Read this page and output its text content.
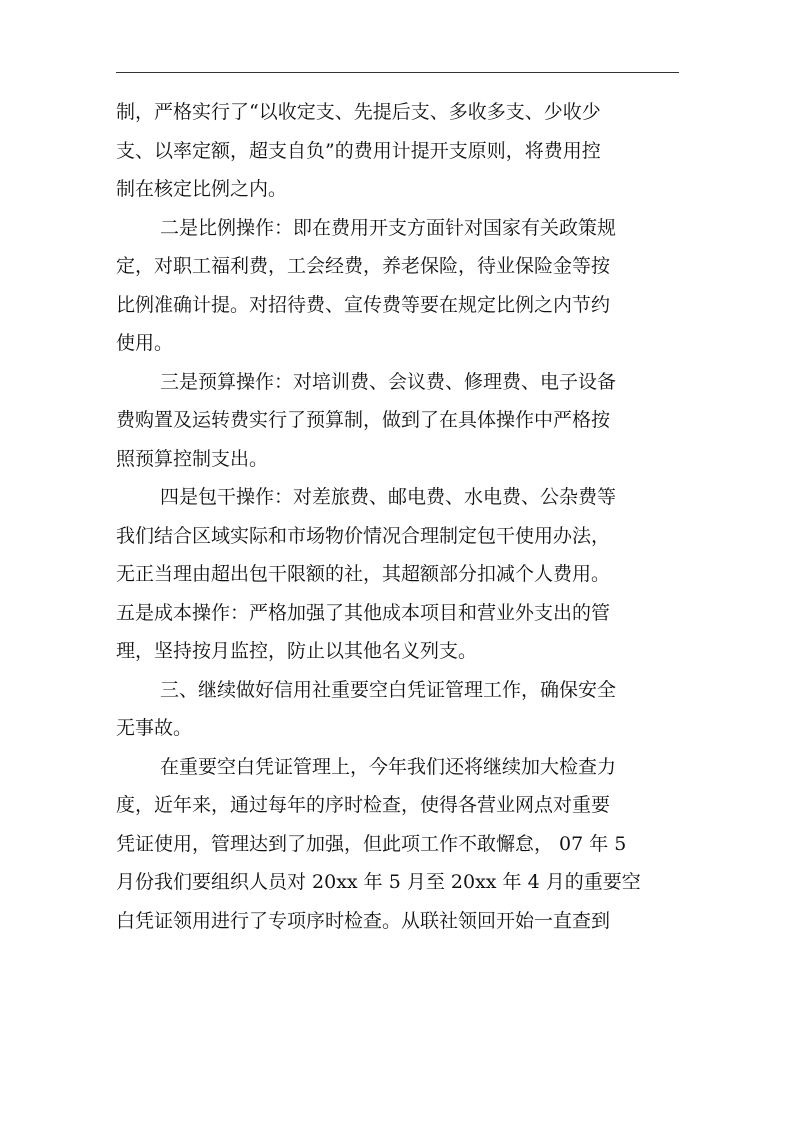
制，严格实行了“以收定支、先提后支、多收多支、少收少
支、以率定额，超支自负”的费用计提开支原则，将费用控
制在核定比例之内。
二是比例操作：即在费用开支方面针对国家有关政策规
定，对职工福利费，工会经费，养老保险，待业保险金等按
比例准确计提。对招待费、宣传费等要在规定比例之内节约
使用。
三是预算操作：对培训费、会议费、修理费、电子设备
费购置及运转费实行了预算制，做到了在具体操作中严格按
照预算控制支出。
四是包干操作：对差旅费、邮电费、水电费、公杂费等
我们结合区域实际和市场物价情况合理制定包干使用办法，
无正当理由超出包干限额的社，其超额部分扣减个人费用。
五是成本操作：严格加强了其他成本项目和营业外支出的管
理，坚持按月监控，防止以其他名义列支。
三、继续做好信用社重要空白凭证管理工作，确保安全
无事故。
在重要空白凭证管理上，今年我们还将继续加大检查力
度，近年来，通过每年的序时检查，使得各营业网点对重要
凭证使用，管理达到了加强，但此项工作不敢懈怠， 07 年 5
月份我们要组织人员对 20xx 年 5 月至 20xx 年 4 月的重要空
白凭证领用进行了专项序时检查。从联社领回开始一直查到
